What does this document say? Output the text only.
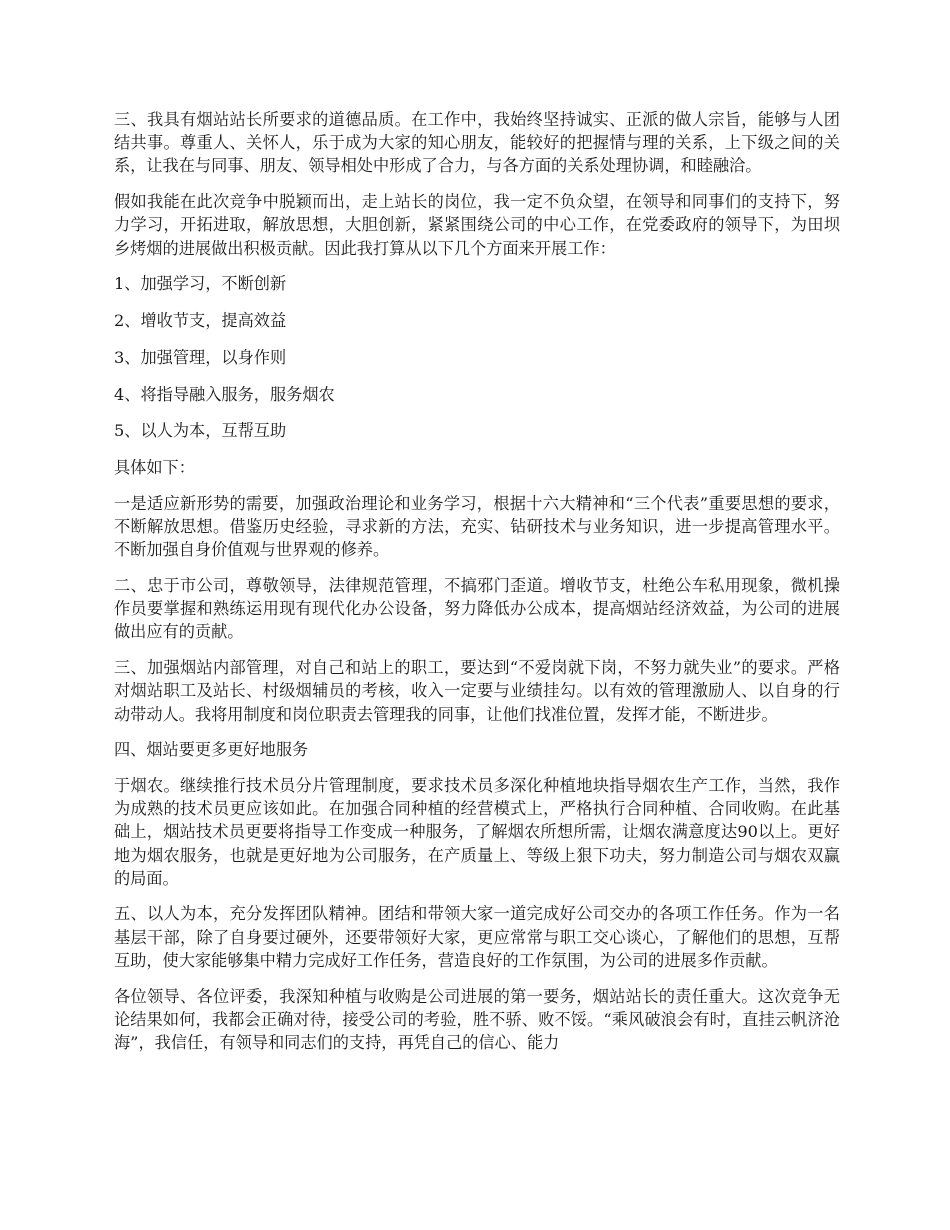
三、我具有烟站站长所要求的道德品质。在工作中，我始终坚持诚实、正派的做人宗旨，能够与人团结共事。尊重人、关怀人，乐于成为大家的知心朋友，能较好的把握情与理的关系，上下级之间的关系，让我在与同事、朋友、领导相处中形成了合力，与各方面的关系处理协调，和睦融洽。

假如我能在此次竞争中脱颖而出，走上站长的岗位，我一定不负众望，在领导和同事们的支持下，努力学习，开拓进取，解放思想，大胆创新，紧紧围绕公司的中心工作，在党委政府的领导下，为田坝乡烤烟的进展做出积极贡献。因此我打算从以下几个方面来开展工作：

1、加强学习，不断创新

2、增收节支，提高效益

3、加强管理，以身作则

4、将指导融入服务，服务烟农

5、以人为本，互帮互助

具体如下：

一是适应新形势的需要，加强政治理论和业务学习，根据十六大精神和“三个代表”重要思想的要求，不断解放思想。借鉴历史经验，寻求新的方法，充实、钻研技术与业务知识，进一步提高管理水平。不断加强自身价值观与世界观的修养。

二、忠于市公司，尊敬领导，法律规范管理，不搞邪门歪道。增收节支，杜绝公车私用现象，微机操作员要掌握和熟练运用现有现代化办公设备，努力降低办公成本，提高烟站经济效益，为公司的进展做出应有的贡献。

三、加强烟站内部管理，对自己和站上的职工，要达到“不爱岗就下岗，不努力就失业”的要求。严格对烟站职工及站长、村级烟辅员的考核，收入一定要与业绩挂勾。以有效的管理激励人、以自身的行动带动人。我将用制度和岗位职责去管理我的同事，让他们找准位置，发挥才能，不断进步。

四、烟站要更多更好地服务

于烟农。继续推行技术员分片管理制度，要求技术员多深化种植地块指导烟农生产工作，当然，我作为成熟的技术员更应该如此。在加强合同种植的经营模式上，严格执行合同种植、合同收购。在此基础上，烟站技术员更要将指导工作变成一种服务，了解烟农所想所需，让烟农满意度达90以上。更好地为烟农服务，也就是更好地为公司服务，在产质量上、等级上狠下功夫，努力制造公司与烟农双赢的局面。

五、以人为本，充分发挥团队精神。团结和带领大家一道完成好公司交办的各项工作任务。作为一名基层干部，除了自身要过硬外，还要带领好大家，更应常常与职工交心谈心，了解他们的思想，互帮互助，使大家能够集中精力完成好工作任务，营造良好的工作氛围，为公司的进展多作贡献。

各位领导、各位评委，我深知种植与收购是公司进展的第一要务，烟站站长的责任重大。这次竞争无论结果如何，我都会正确对待，接受公司的考验，胜不骄、败不馁。“乘风破浪会有时，直挂云帆济沧海”，我信任，有领导和同志们的支持，再凭自己的信心、能力
